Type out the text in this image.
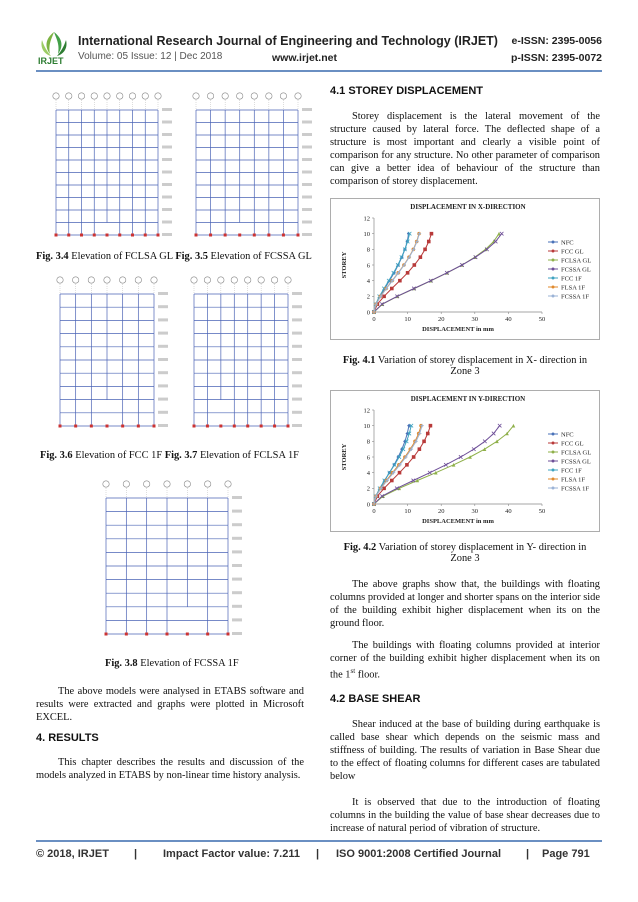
IRJET
International Research Journal of Engineering and Technology (IRJET) e-ISSN: 2395-0056
Volume: 05 Issue: 12 | Dec 2018	www.irjet.net	p-ISSN: 2395-0072
Fig. 3.4 Elevation of FCLSA GL Fig. 3.5 Elevation of FCSSA GL
Fig. 3.6 Elevation of FCC 1F Fig. 3.7 Elevation of FCLSA 1F
Fig. 3.8 Elevation of FCSSA 1F

The above models were analysed in ETABS software and results were extracted and graphs were plotted in Microsoft EXCEL.

4. RESULTS

This chapter describes the results and discussion of the models analyzed in ETABS by non-linear time history analysis.

4.1 STOREY DISPLACEMENT

Storey displacement is the lateral movement of the structure caused by lateral force. The deflected shape of a structure is most important and clearly a visible point of comparison for any structure. No other parameter of comparison can give a better idea of behaviour of the structure than comparison of storey displacement.

DISPLACEMENT IN X-DIRECTION
0	10	20	30	40	50
0
2
4
6
8
10
12
DISPLACEMENT in mm
STOREY
NFC
FCC GL
FCLSA GL
FCSSA GL
FCC 1F
FLSA 1F
FCSSA 1F
Fig. 4.1 Variation of storey displacement in X- direction in
Zone 3
DISPLACEMENT IN Y-DIRECTION
0	10	20	30	40	50
0
2
4
6
8
10
12
DISPLACEMENT in mm
STOREY
NFC
FCC GL
FCLSA GL
FCSSA GL
FCC 1F
FLSA 1F
FCSSA 1F
Fig. 4.2 Variation of storey displacement in Y- direction in
Zone 3

The above graphs show that, the buildings with floating columns provided at longer and shorter spans on the interior side of the building exhibit higher displacement when its on the ground floor.

The buildings with floating columns provided at interior corner of the building exhibit higher displacement when its on the 1st floor.

4.2 BASE SHEAR

Shear induced at the base of building during earthquake is called base shear which depends on the seismic mass and stiffness of building. The results of variation in Base Shear due to the effect of floating columns for different cases are tabulated below

It is observed that due to the introduction of floating columns in the building the value of base shear decreases due to increase of natural period of vibration of structure.

© 2018, IRJET | Impact Factor value: 7.211 | ISO 9001:2008 Certified Journal | Page 791
